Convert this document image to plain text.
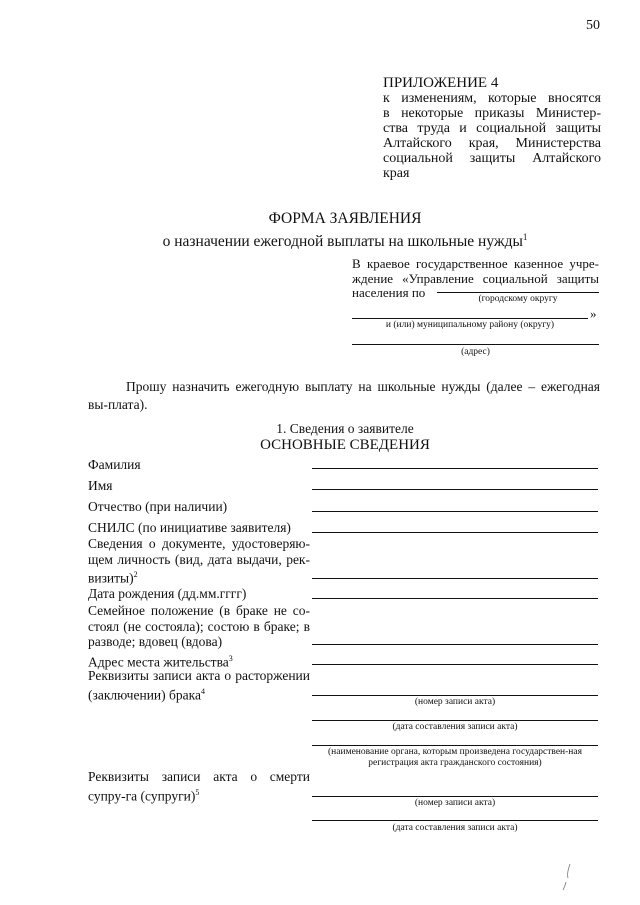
50
ПРИЛОЖЕНИЕ 4
к изменениям, которые вносятся
в некоторые приказы Министер-
ства труда и социальной защиты
Алтайского края, Министерства
социальной защиты Алтайского
края
ФОРМА ЗАЯВЛЕНИЯ
о назначении ежегодной выплаты на школьные нужды$^1$
В краевое государственное казенное учре-
ждение «Управление социальной защиты
населения по	(городскому округу
»
и (или) муниципальному району (округу)
(адрес)
Прошу назначить ежегодную выплату на школьные нужды (далее – ежегодная вы-плата).
1. Сведения о заявителе
ОСНОВНЫЕ СВЕДЕНИЯ
Фамилия
Имя
Отчество (при наличии)
СНИЛС (по инициативе заявителя)
Сведения о документе, удостоверяю-щем личность (вид, дата выдачи, рек-визиты)$^2$
Дата рождения (дд.мм.гггг)
Семейное положение (в браке не со-стоял (не состояла); состою в браке; в разводе; вдовец (вдова)
Адрес места жительства$^3$
Реквизиты записи акта о расторжении (заключении) брака$^4$
(номер записи акта)
(дата составления записи акта)
(наименование органа, которым произведена государствен-ная регистрация акта гражданского состояния)
Реквизиты записи акта о смерти супру-га (супруги)$^5$
(номер записи акта)
(дата составления записи акта)
